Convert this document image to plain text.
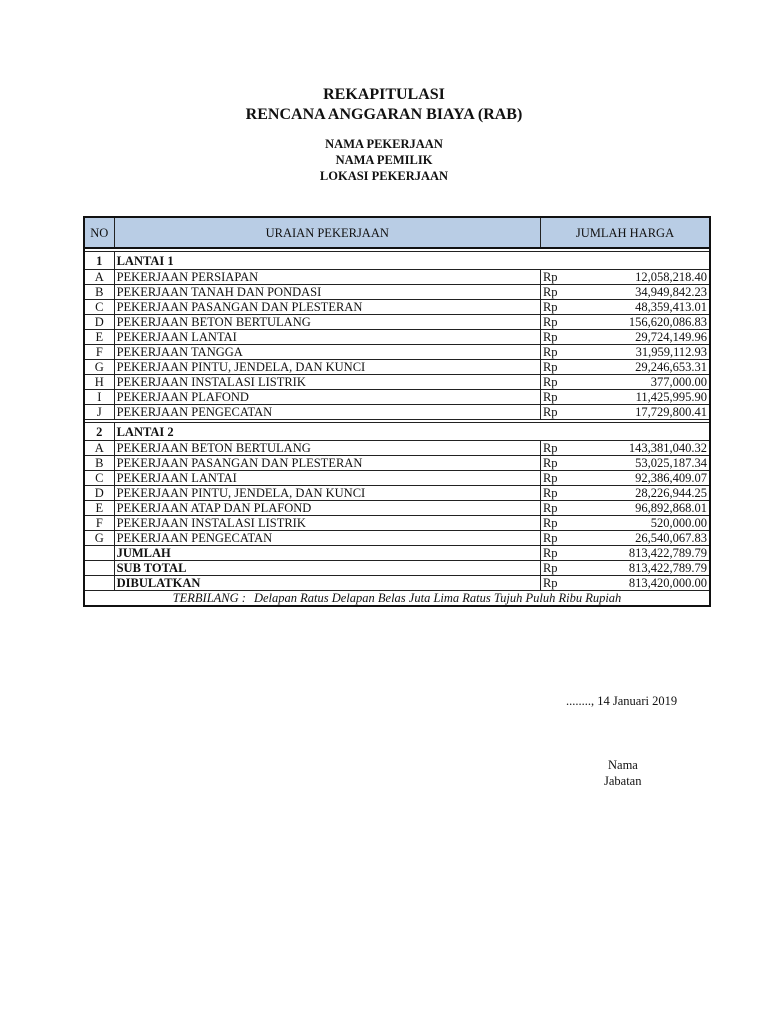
REKAPITULASI
RENCANA ANGGARAN BIAYA (RAB)
NAMA PEKERJAAN
NAMA PEMILIK
LOKASI PEKERJAAN
NO	URAIAN PEKERJAAN	JUMLAH HARGA	

1	LANTAI 1		
A	PEKERJAAN PERSIAPAN	Rp	12,058,218.40
B	PEKERJAAN TANAH DAN PONDASI	Rp	34,949,842.23
C	PEKERJAAN PASANGAN DAN PLESTERAN	Rp	48,359,413.01
D	PEKERJAAN BETON BERTULANG	Rp	156,620,086.83
E	PEKERJAAN LANTAI	Rp	29,724,149.96
F	PEKERJAAN TANGGA	Rp	31,959,112.93
G	PEKERJAAN PINTU, JENDELA, DAN KUNCI	Rp	29,246,653.31
H	PEKERJAAN INSTALASI LISTRIK	Rp	377,000.00
I	PEKERJAAN PLAFOND	Rp	11,425,995.90
J	PEKERJAAN PENGECATAN	Rp	17,729,800.41

2	LANTAI 2		
A	PEKERJAAN BETON BERTULANG	Rp	143,381,040.32
B	PEKERJAAN PASANGAN DAN PLESTERAN	Rp	53,025,187.34
C	PEKERJAAN LANTAI	Rp	92,386,409.07
D	PEKERJAAN PINTU, JENDELA, DAN KUNCI	Rp	28,226,944.25
E	PEKERJAAN ATAP DAN PLAFOND	Rp	96,892,868.01
F	PEKERJAAN INSTALASI LISTRIK	Rp	520,000.00
G	PEKERJAAN PENGECATAN	Rp	26,540,067.83
	JUMLAH	Rp	813,422,789.79
	SUB TOTAL	Rp	813,422,789.79
	DIBULATKAN	Rp	813,420,000.00
TERBILANG : Delapan Ratus Delapan Belas Juta Lima Ratus Tujuh Puluh Ribu Rupiah			
........, 14 Januari 2019
Nama
Jabatan
